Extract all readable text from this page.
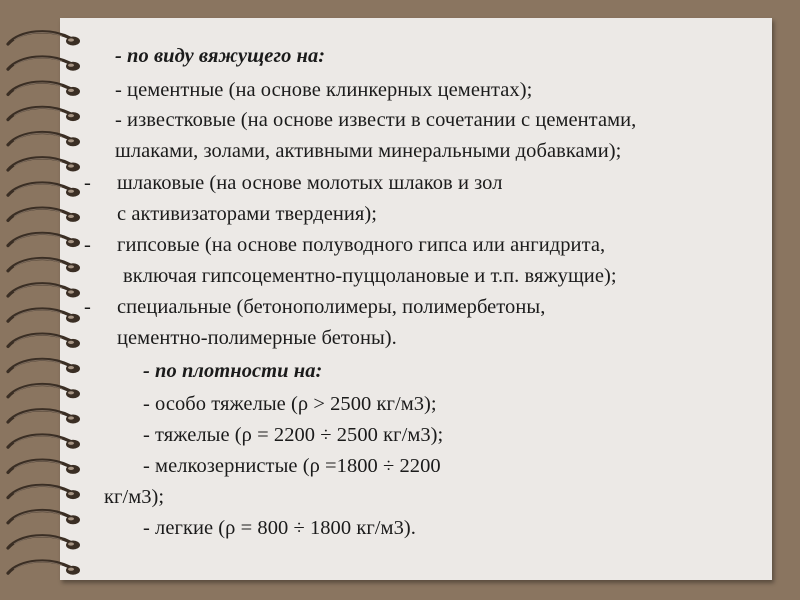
- по виду вяжущего на:
- цементные (на основе клинкерных цементах);
- известковые (на основе извести в сочетании с цементами,
шлаками, золами, активными минеральными добавками);
- шлаковые (на основе молотых шлаков и зол
с активизаторами твердения);
- гипсовые (на основе полуводного гипса или ангидрита,
включая гипсоцементно-пуццолановые и т.п. вяжущие);
- специальные (бетонополимеры, полимербетоны,
цементно-полимерные бетоны).
- по плотности на:
- особо тяжелые (ρ > 2500 кг/м3);
- тяжелые (ρ = 2200 ÷ 2500 кг/м3);
- мелкозернистые (ρ =1800 ÷ 2200
кг/м3);
- легкие (ρ = 800 ÷ 1800 кг/м3).
